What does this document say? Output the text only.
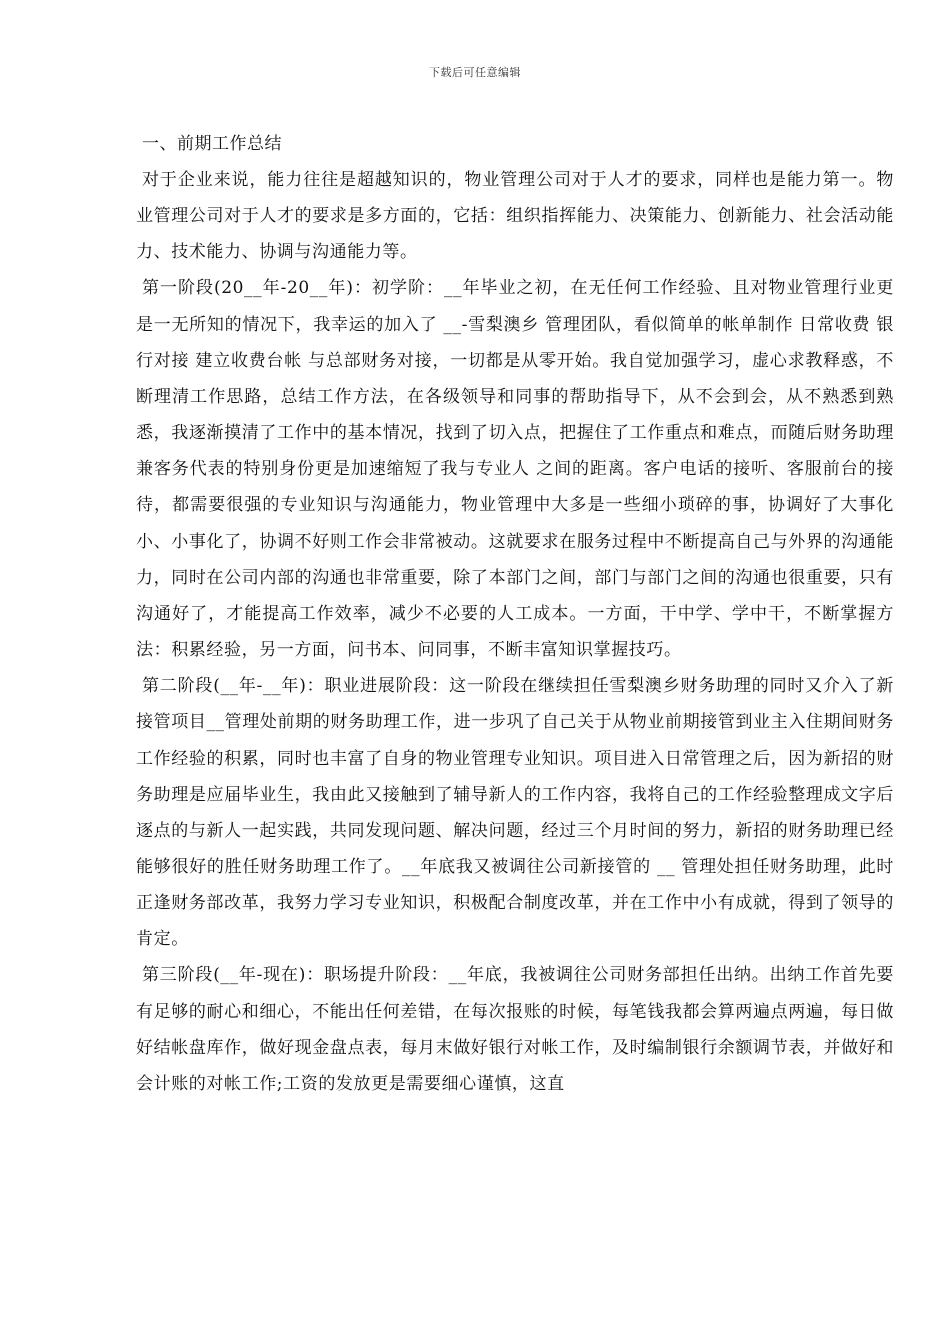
下载后可任意编辑

一、前期工作总结

对于企业来说，能力往往是超越知识的，物业管理公司对于人才的要求，同样也是能力第一。物业管理公司对于人才的要求是多方面的，它括：组织指挥能力、决策能力、创新能力、社会活动能力、技术能力、协调与沟通能力等。

第一阶段(20__年-20__年)：初学阶：__年毕业之初，在无任何工作经验、且对物业管理行业更是一无所知的情况下，我幸运的加入了 __-雪梨澳乡 管理团队，看似简单的帐单制作 日常收费 银行对接 建立收费台帐 与总部财务对接，一切都是从零开始。我自觉加强学习，虚心求教释惑，不断理清工作思路，总结工作方法，在各级领导和同事的帮助指导下，从不会到会，从不熟悉到熟悉，我逐渐摸清了工作中的基本情况，找到了切入点，把握住了工作重点和难点，而随后财务助理兼客务代表的特别身份更是加速缩短了我与专业人 之间的距离。客户电话的接听、客服前台的接待，都需要很强的专业知识与沟通能力，物业管理中大多是一些细小琐碎的事，协调好了大事化小、小事化了，协调不好则工作会非常被动。这就要求在服务过程中不断提高自己与外界的沟通能力，同时在公司内部的沟通也非常重要，除了本部门之间，部门与部门之间的沟通也很重要，只有沟通好了，才能提高工作效率，减少不必要的人工成本。一方面，干中学、学中干，不断掌握方法：积累经验，另一方面，问书本、问同事，不断丰富知识掌握技巧。

第二阶段(__年-__年)：职业进展阶段：这一阶段在继续担任雪梨澳乡财务助理的同时又介入了新接管项目__管理处前期的财务助理工作，进一步巩了自己关于从物业前期接管到业主入住期间财务工作经验的积累，同时也丰富了自身的物业管理专业知识。项目进入日常管理之后，因为新招的财务助理是应届毕业生，我由此又接触到了辅导新人的工作内容，我将自己的工作经验整理成文字后逐点的与新人一起实践，共同发现问题、解决问题，经过三个月时间的努力，新招的财务助理已经能够很好的胜任财务助理工作了。__年底我又被调往公司新接管的 __ 管理处担任财务助理，此时正逢财务部改革，我努力学习专业知识，积极配合制度改革，并在工作中小有成就，得到了领导的肯定。

第三阶段(__年-现在)：职场提升阶段：__年底，我被调往公司财务部担任出纳。出纳工作首先要有足够的耐心和细心，不能出任何差错，在每次报账的时候，每笔钱我都会算两遍点两遍，每日做好结帐盘库作，做好现金盘点表，每月末做好银行对帐工作，及时编制银行余额调节表，并做好和会计账的对帐工作;工资的发放更是需要细心谨慎，这直
